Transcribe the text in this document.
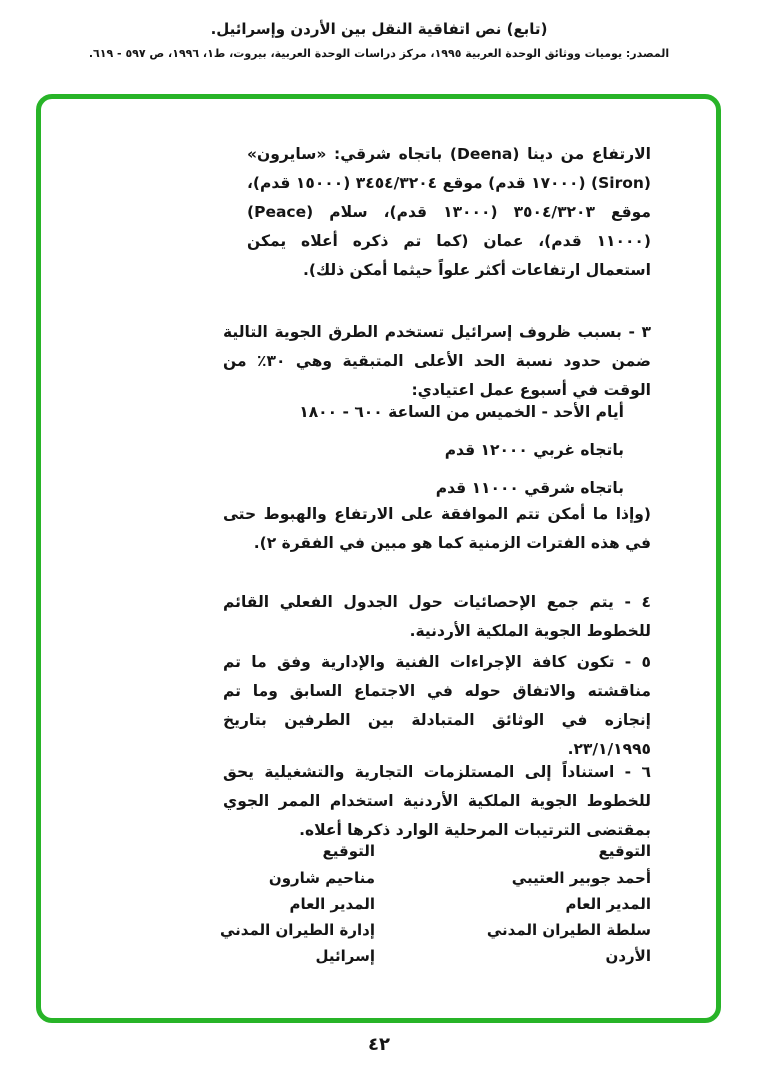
(تابع) نص اتفاقية النقل بين الأردن وإسرائيل.
المصدر: يوميات ووثائق الوحدة العربية ١٩٩٥، مركز دراسات الوحدة العربية، بيروت، ط١، ١٩٩٦، ص ٥٩٧ - ٦١٩.

الارتفاع من دينا (Deena) باتجاه شرقي: «سايرون» (Siron) (١٧٠٠٠ قدم) موقع ٣٤٥٤/٣٢٠٤ (١٥٠٠٠ قدم)، موقع ٣٥٠٤/٣٢٠٣ (١٣٠٠٠ قدم)، سلام (Peace) (١١٠٠٠ قدم)، عمان (كما تم ذكره أعلاه يمكن استعمال ارتفاعات أكثر علواً حيثما أمكن ذلك).

٣ - بسبب ظروف إسرائيل تستخدم الطرق الجوية التالية ضمن حدود نسبة الحد الأعلى المتبقية وهي ٣٠٪ من الوقت في أسبوع عمل اعتيادي:

أيام الأحد - الخميس من الساعة ٦٠٠ - ١٨٠٠
باتجاه غربي ١٢٠٠٠ قدم
باتجاه شرقي ١١٠٠٠ قدم

(وإذا ما أمكن تتم الموافقة على الارتفاع والهبوط حتى في هذه الفترات الزمنية كما هو مبين في الفقرة ٢).

٤ - يتم جمع الإحصائيات حول الجدول الفعلي القائم للخطوط الجوية الملكية الأردنية.

٥ - تكون كافة الإجراءات الفنية والإدارية وفق ما تم مناقشته والاتفاق حوله في الاجتماع السابق وما تم إنجازه في الوثائق المتبادلة بين الطرفين بتاريخ ٢٣/١/١٩٩٥.

٦ - استناداً إلى المستلزمات التجارية والتشغيلية يحق للخطوط الجوية الملكية الأردنية استخدام الممر الجوي بمقتضى الترتيبات المرحلية الوارد ذكرها أعلاه.

التوقيع
أحمد جوبير العتيبي
المدير العام
سلطة الطيران المدني
الأردن
التوقيع
مناحيم شارون
المدير العام
إدارة الطيران المدني
إسرائيل
٤٢
